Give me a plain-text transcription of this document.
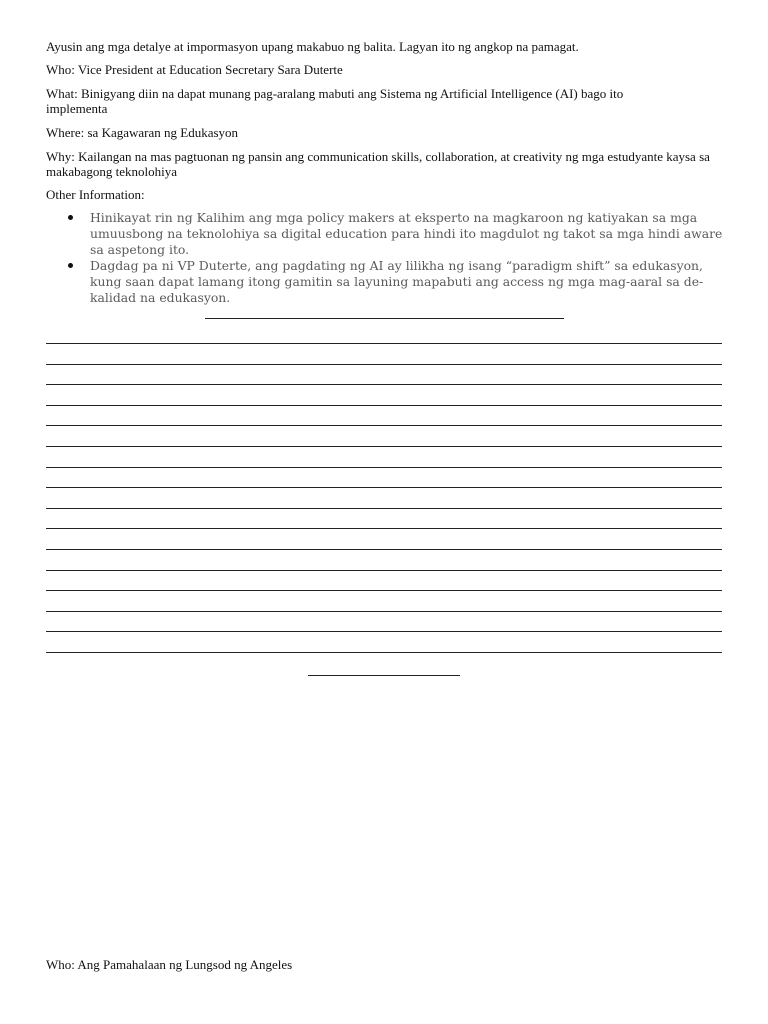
Ayusin ang mga detalye at impormasyon upang makabuo ng balita. Lagyan ito ng angkop na pamagat.

Who: Vice President at Education Secretary Sara Duterte

What: Binigyang diin na dapat munang pag-aralang mabuti ang Sistema ng Artificial Intelligence (AI) bago ito implementa

Where: sa Kagawaran ng Edukasyon

Why: Kailangan na mas pagtuonan ng pansin ang communication skills, collaboration, at creativity ng mga estudyante kaysa sa makabagong teknolohiya

Other Information:

Hinikayat rin ng Kalihim ang mga policy makers at eksperto na magkaroon ng katiyakan sa mga umuusbong na teknolohiya sa digital education para hindi ito magdulot ng takot sa mga hindi aware sa aspetong ito.
Dagdag pa ni VP Duterte, ang pagdating ng AI ay lilikha ng isang “paradigm shift” sa edukasyon, kung saan dapat lamang itong gamitin sa layuning mapabuti ang access ng mga mag-aaral sa de-kalidad na edukasyon.

Who: Ang Pamahalaan ng Lungsod ng Angeles
